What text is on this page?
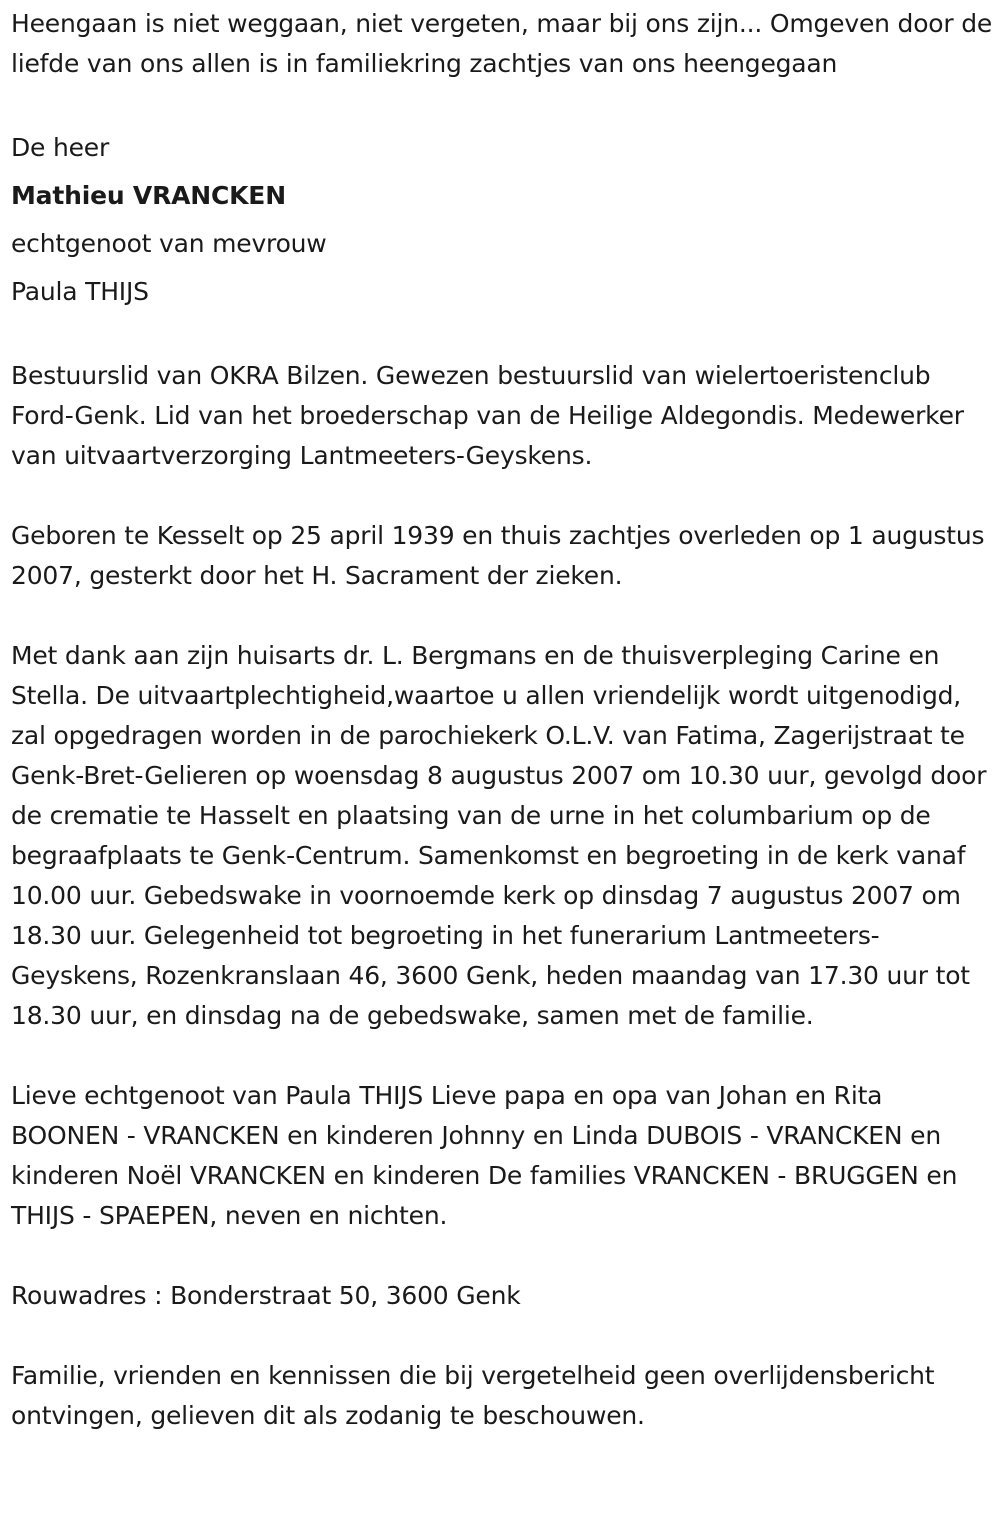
Heengaan is niet weggaan, niet vergeten, maar bij ons zijn... Omgeven door de liefde van ons allen is in familiekring zachtjes van ons heengegaan

De heer

Mathieu VRANCKEN

echtgenoot van mevrouw

Paula THIJS

Bestuurslid van OKRA Bilzen. Gewezen bestuurslid van wielertoeristenclub Ford-Genk. Lid van het broederschap van de Heilige Aldegondis. Medewerker van uitvaartverzorging Lantmeeters-Geyskens.

Geboren te Kesselt op 25 april 1939 en thuis zachtjes overleden op 1 augustus 2007, gesterkt door het H. Sacrament der zieken.

Met dank aan zijn huisarts dr. L. Bergmans en de thuisverpleging Carine en Stella. De uitvaartplechtigheid,waartoe u allen vriendelijk wordt uitgenodigd, zal opgedragen worden in de parochiekerk O.L.V. van Fatima, Zagerijstraat te Genk-Bret-Gelieren op woensdag 8 augustus 2007 om 10.30 uur, gevolgd door de crematie te Hasselt en plaatsing van de urne in het columbarium op de begraafplaats te Genk-Centrum. Samenkomst en begroeting in de kerk vanaf 10.00 uur. Gebedswake in voornoemde kerk op dinsdag 7 augustus 2007 om 18.30 uur. Gelegenheid tot begroeting in het funerarium Lantmeeters-Geyskens, Rozenkranslaan 46, 3600 Genk, heden maandag van 17.30 uur tot 18.30 uur, en dinsdag na de gebedswake, samen met de familie.

Lieve echtgenoot van Paula THIJS Lieve papa en opa van Johan en Rita BOONEN - VRANCKEN en kinderen Johnny en Linda DUBOIS - VRANCKEN en kinderen Noël VRANCKEN en kinderen De families VRANCKEN - BRUGGEN en THIJS - SPAEPEN, neven en nichten.

Rouwadres : Bonderstraat 50, 3600 Genk

Familie, vrienden en kennissen die bij vergetelheid geen overlijdensbericht ontvingen, gelieven dit als zodanig te beschouwen.
